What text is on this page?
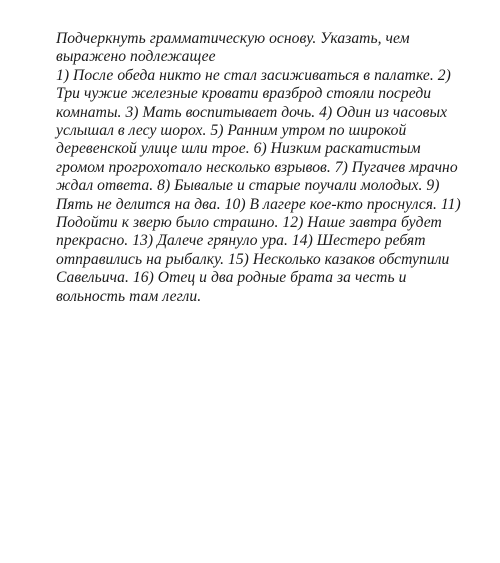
Подчеркнуть грамматическую основу. Указать, чем
выражено подлежащее

1) После обеда никто не стал засиживаться в палатке. 2)
Три чужие железные кровати вразброд стояли посреди
комнаты. 3) Мать воспитывает дочь. 4) Один из часовых
услышал в лесу шорох. 5) Ранним утром по широкой
деревенской улице шли трое. 6) Низким раскатистым
громом прогрохотало несколько взрывов. 7) Пугачев мрачно
ждал ответа. 8) Бывалые и старые поучали молодых. 9)
Пять не делится на два. 10) В лагере кое-кто проснулся. 11)
Подойти к зверю было страшно. 12) Наше завтра будет
прекрасно. 13) Далече грянуло ура. 14) Шестеро ребят
отправились на рыбалку. 15) Несколько казаков обступили
Савельича. 16) Отец и два родные брата за честь и
вольность там легли.
